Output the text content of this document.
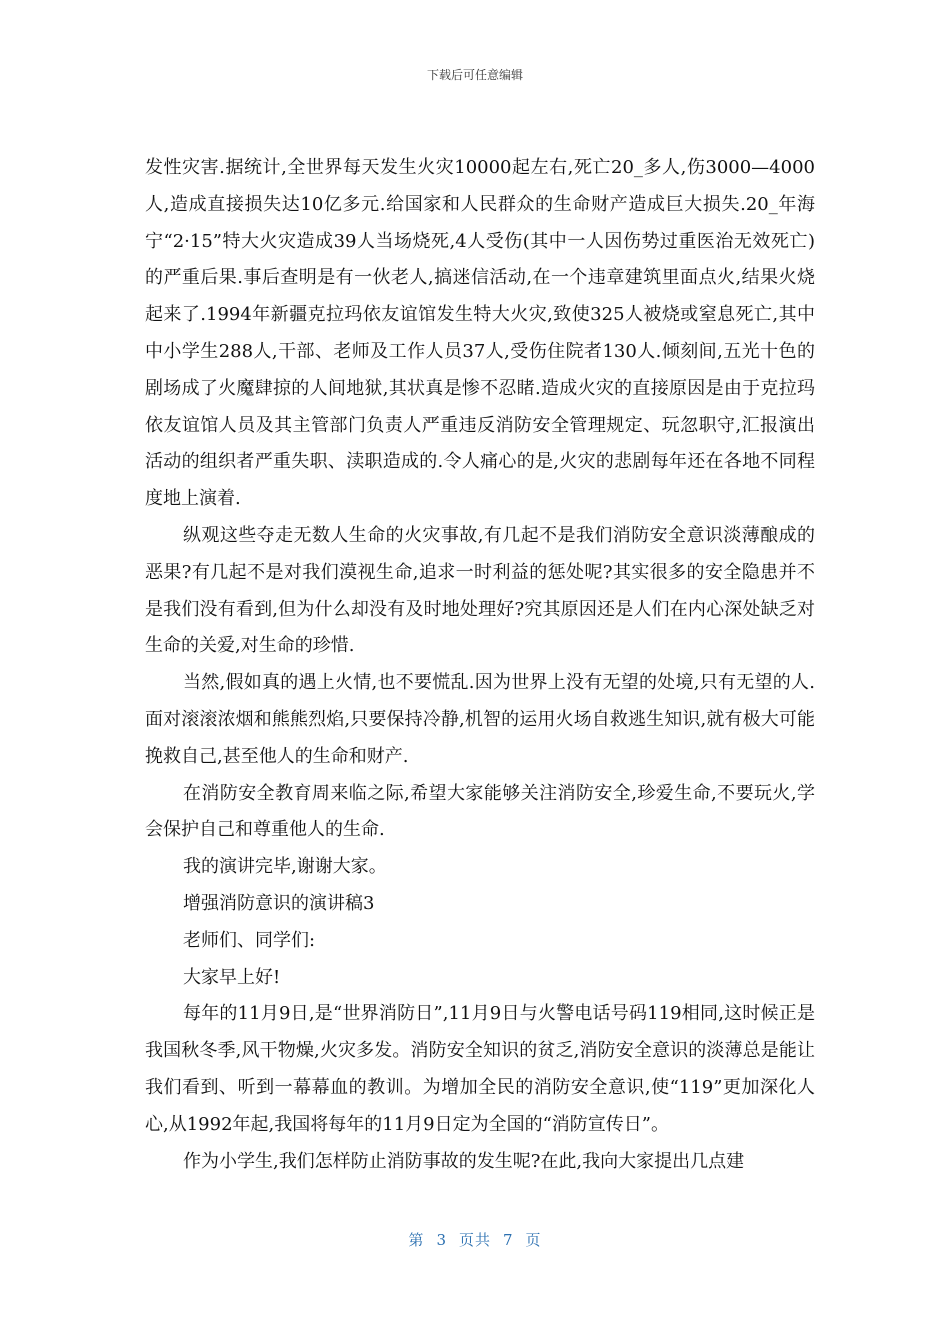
下载后可任意编辑

发性灾害.据统计,全世界每天发生火灾10000起左右,死亡20_多人,伤3000—4000人,造成直接损失达10亿多元.给国家和人民群众的生命财产造成巨大损失.20_年海宁“2·15”特大火灾造成39人当场烧死,4人受伤(其中一人因伤势过重医治无效死亡)的严重后果.事后查明是有一伙老人,搞迷信活动,在一个违章建筑里面点火,结果火烧起来了.1994年新疆克拉玛依友谊馆发生特大火灾,致使325人被烧或窒息死亡,其中中小学生288人,干部、老师及工作人员37人,受伤住院者130人.倾刻间,五光十色的剧场成了火魔肆掠的人间地狱,其状真是惨不忍睹.造成火灾的直接原因是由于克拉玛依友谊馆人员及其主管部门负责人严重违反消防安全管理规定、玩忽职守,汇报演出活动的组织者严重失职、渎职造成的.令人痛心的是,火灾的悲剧每年还在各地不同程度地上演着.

纵观这些夺走无数人生命的火灾事故,有几起不是我们消防安全意识淡薄酿成的恶果?有几起不是对我们漠视生命,追求一时利益的惩处呢?其实很多的安全隐患并不是我们没有看到,但为什么却没有及时地处理好?究其原因还是人们在内心深处缺乏对生命的关爱,对生命的珍惜.

当然,假如真的遇上火情,也不要慌乱.因为世界上没有无望的处境,只有无望的人.面对滚滚浓烟和熊熊烈焰,只要保持冷静,机智的运用火场自救逃生知识,就有极大可能挽救自己,甚至他人的生命和财产.

在消防安全教育周来临之际,希望大家能够关注消防安全,珍爱生命,不要玩火,学会保护自己和尊重他人的生命.

我的演讲完毕,谢谢大家。

增强消防意识的演讲稿3

老师们、同学们:

大家早上好!

每年的11月9日,是“世界消防日”,11月9日与火警电话号码119相同,这时候正是我国秋冬季,风干物燥,火灾多发。消防安全知识的贫乏,消防安全意识的淡薄总是能让我们看到、听到一幕幕血的教训。为增加全民的消防安全意识,使“119”更加深化人心,从1992年起,我国将每年的11月9日定为全国的“消防宣传日”。

作为小学生,我们怎样防止消防事故的发生呢?在此,我向大家提出几点建

第 3 页共 7 页
